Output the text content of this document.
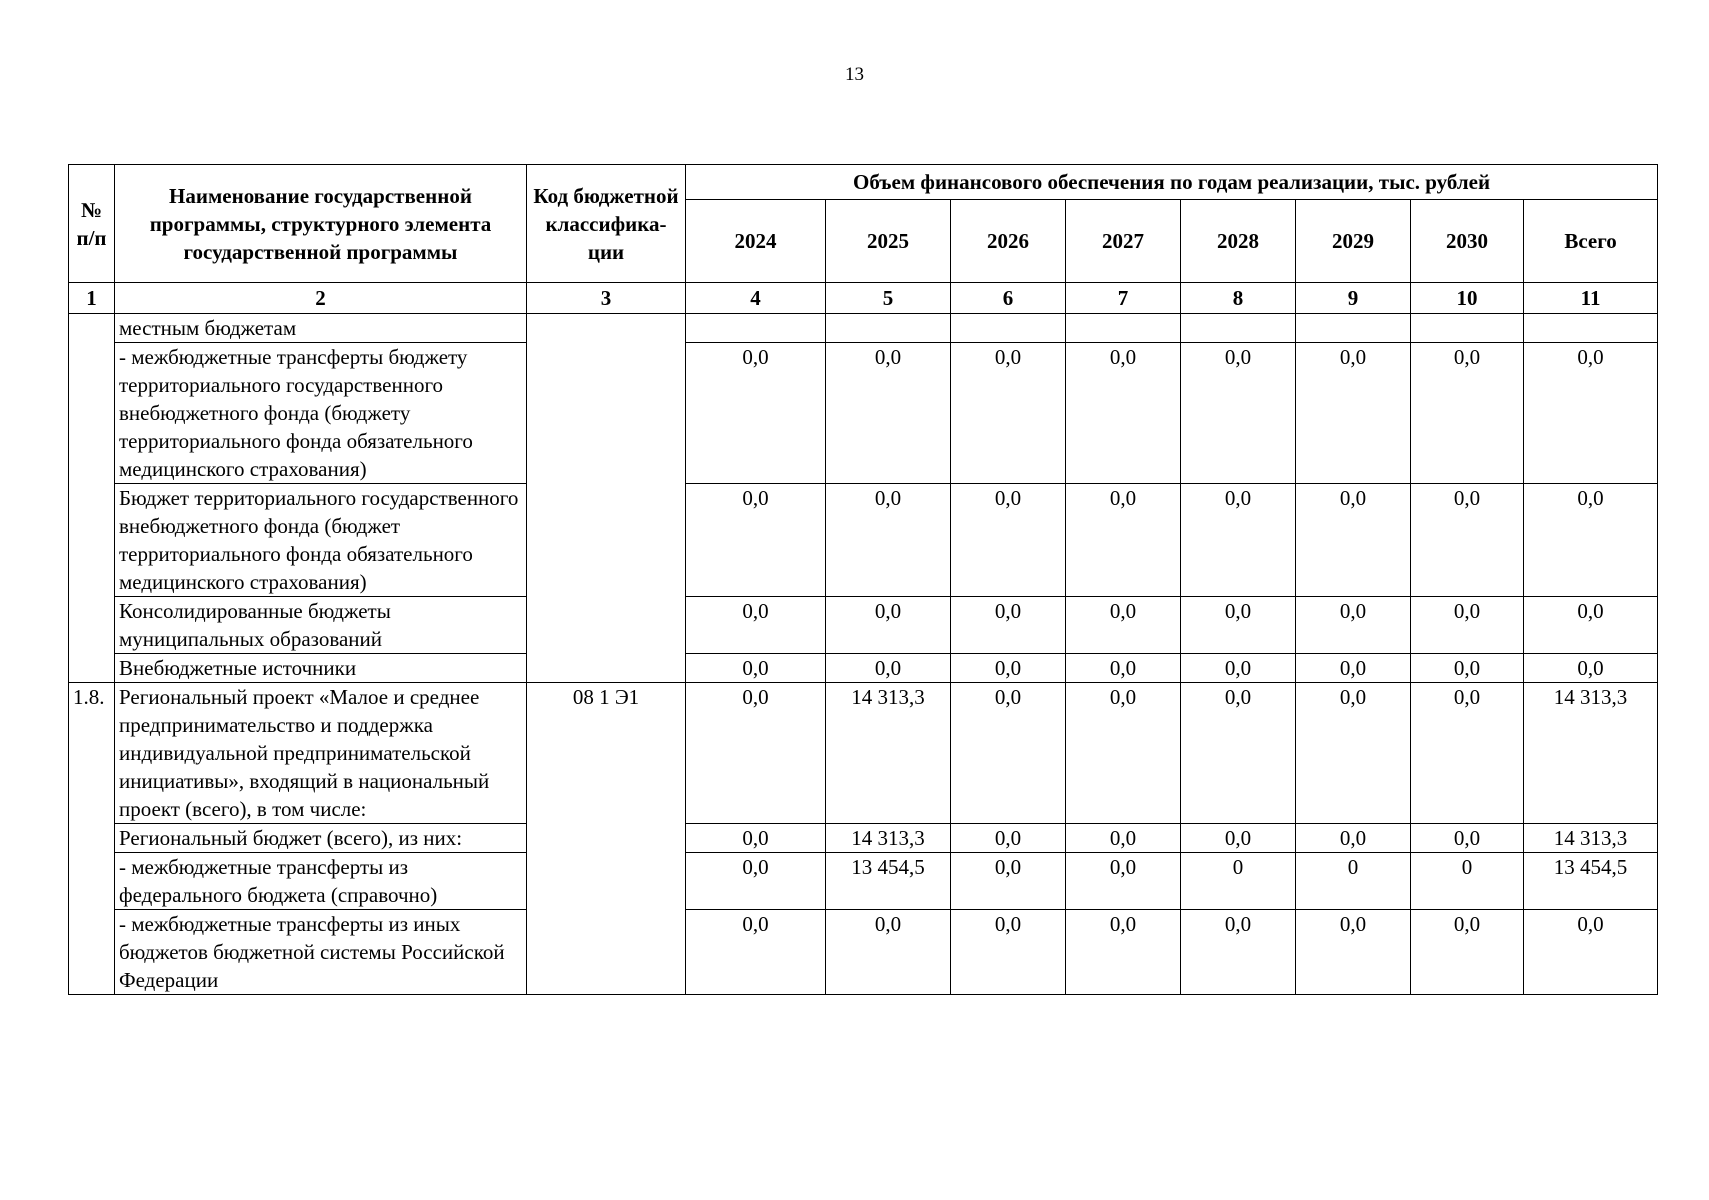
13
№ п/п	Наименование государственной программы, структурного элемента государственной программы	Код бюджетной классифика-ции	Объем финансового обеспечения по годам реализации, тыс. рублей							
			2024	2025	2026	2027	2028	2029	2030	Всего
1	2	3	4	5	6	7	8	9	10	11
	местным бюджетам									
	- межбюджетные трансферты бюджету территориального государственного внебюджетного фонда (бюджету территориального фонда обязательного медицинского страхования)		0,0	0,0	0,0	0,0	0,0	0,0	0,0	0,0
	Бюджет территориального государственного внебюджетного фонда (бюджет территориального фонда обязательного медицинского страхования)		0,0	0,0	0,0	0,0	0,0	0,0	0,0	0,0
	Консолидированные бюджеты муниципальных образований		0,0	0,0	0,0	0,0	0,0	0,0	0,0	0,0
	Внебюджетные источники		0,0	0,0	0,0	0,0	0,0	0,0	0,0	0,0
1.8.	Региональный проект «Малое и среднее предпринимательство и поддержка индивидуальной предпринимательской инициативы», входящий в национальный проект (всего), в том числе:	08 1 Э1	0,0	14 313,3	0,0	0,0	0,0	0,0	0,0	14 313,3
	Региональный бюджет (всего), из них:		0,0	14 313,3	0,0	0,0	0,0	0,0	0,0	14 313,3
	- межбюджетные трансферты из федерального бюджета (справочно)		0,0	13 454,5	0,0	0,0	0	0	0	13 454,5
	- межбюджетные трансферты из иных бюджетов бюджетной системы Российской Федерации		0,0	0,0	0,0	0,0	0,0	0,0	0,0	0,0
